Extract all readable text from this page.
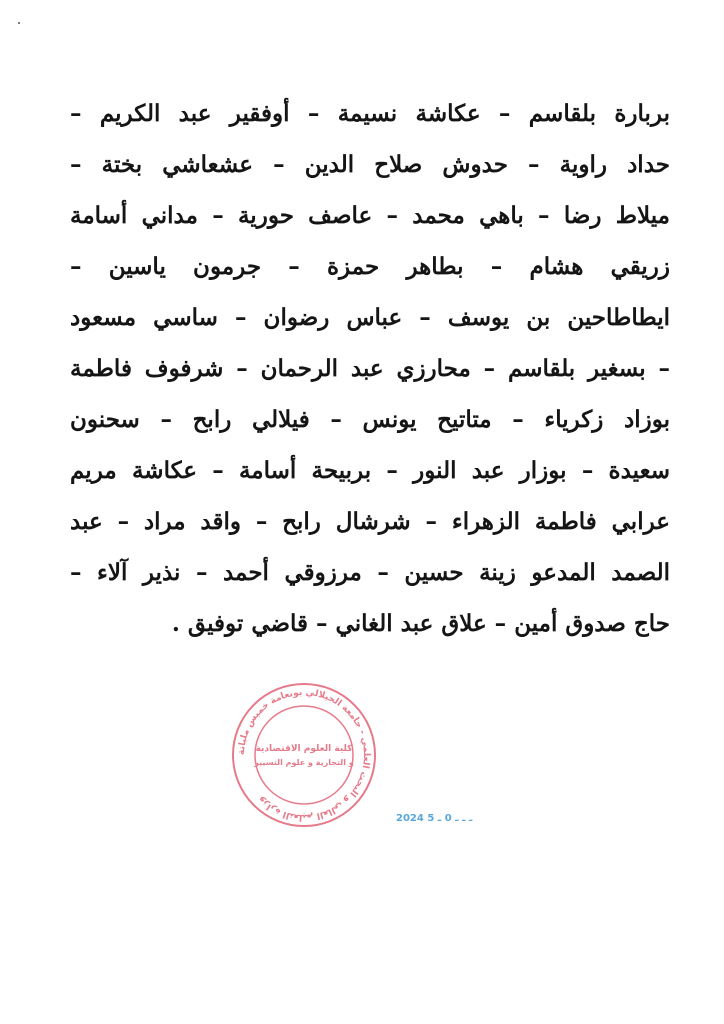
بربارة بلقاسم – عكاشة نسيمة – أوفقير عبد الكريم –
حداد راوية – حدوش صلاح الدين – عشعاشي بختة –
ميلاط رضا – باهي محمد – عاصف حورية – مداني أسامة
زريقي هشام – بطاهر حمزة – جرمون ياسين –
ايطاطاحين بن يوسف – عباس رضوان – ساسي مسعود
– بسغير بلقاسم – محارزي عبد الرحمان – شرفوف فاطمة
بوزاد زكرياء – متاتيح يونس – فيلالي رابح – سحنون
سعيدة – بوزار عبد النور – بربيحة أسامة – عكاشة مريم
عرابي فاطمة الزهراء – شرشال رابح – واقد مراد – عبد
الصمد المدعو زينة حسين – مرزوقي أحمد – نذير آلاء –
حاج صدوق أمين – علاق عبد الغاني – قاضي توفيق .
وزارة التعليم العالي و البحث العلمي - جامعة الجيلالي بونعامة خميس مليانة
كلية العلوم الاقتصادية
و التجارية و علوم التسيير
2024 ـ ـ ـ 0 ـ 5
